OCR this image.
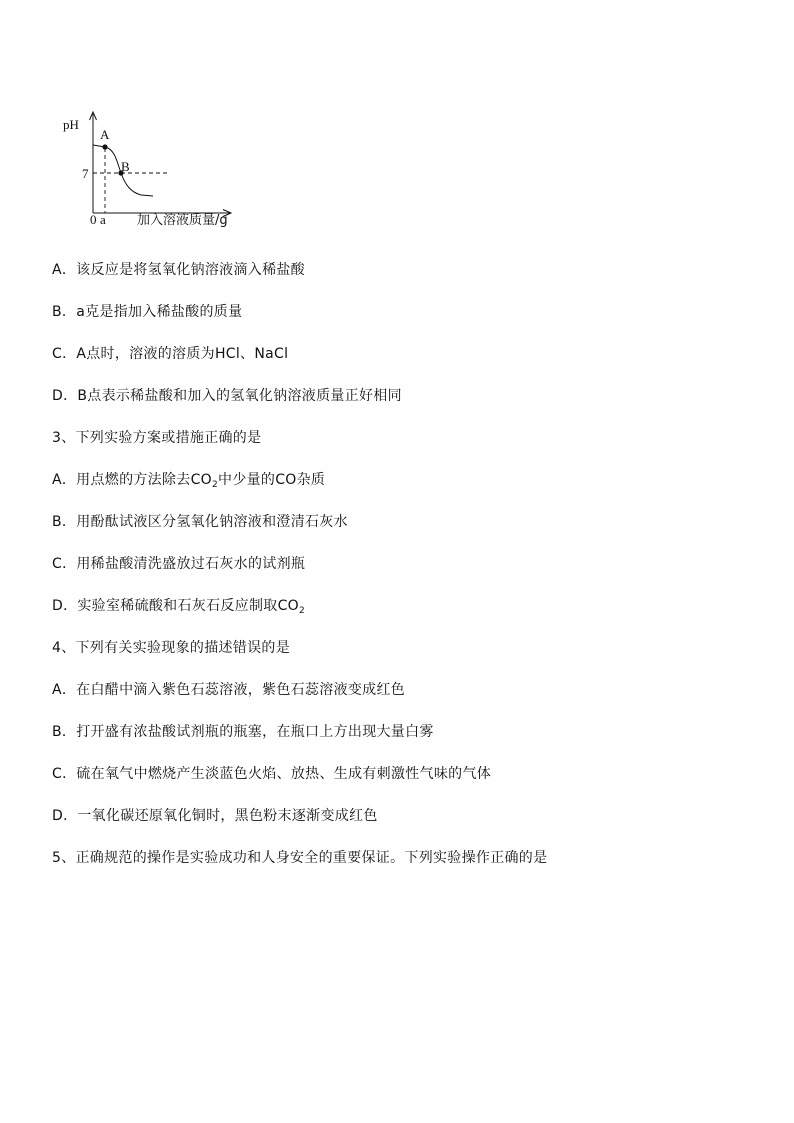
pH
A
B
7
0 a 加入溶液质量/g
A．该反应是将氢氧化钠溶液滴入稀盐酸
B．a克是指加入稀盐酸的质量
C．A点时，溶液的溶质为HCl、NaCl
D．B点表示稀盐酸和加入的氢氧化钠溶液质量正好相同
3、下列实验方案或措施正确的是
A．用点燃的方法除去$CO_2$中少量的CO杂质
B．用酚酞试液区分氢氧化钠溶液和澄清石灰水
C．用稀盐酸清洗盛放过石灰水的试剂瓶
D．实验室稀硫酸和石灰石反应制取$CO_2$
4、下列有关实验现象的描述错误的是
A．在白醋中滴入紫色石蕊溶液，紫色石蕊溶液变成红色
B．打开盛有浓盐酸试剂瓶的瓶塞，在瓶口上方出现大量白雾
C．硫在氧气中燃烧产生淡蓝色火焰、放热、生成有刺激性气味的气体
D．一氧化碳还原氧化铜时，黑色粉末逐渐变成红色
5、正确规范的操作是实验成功和人身安全的重要保证。下列实验操作正确的是
